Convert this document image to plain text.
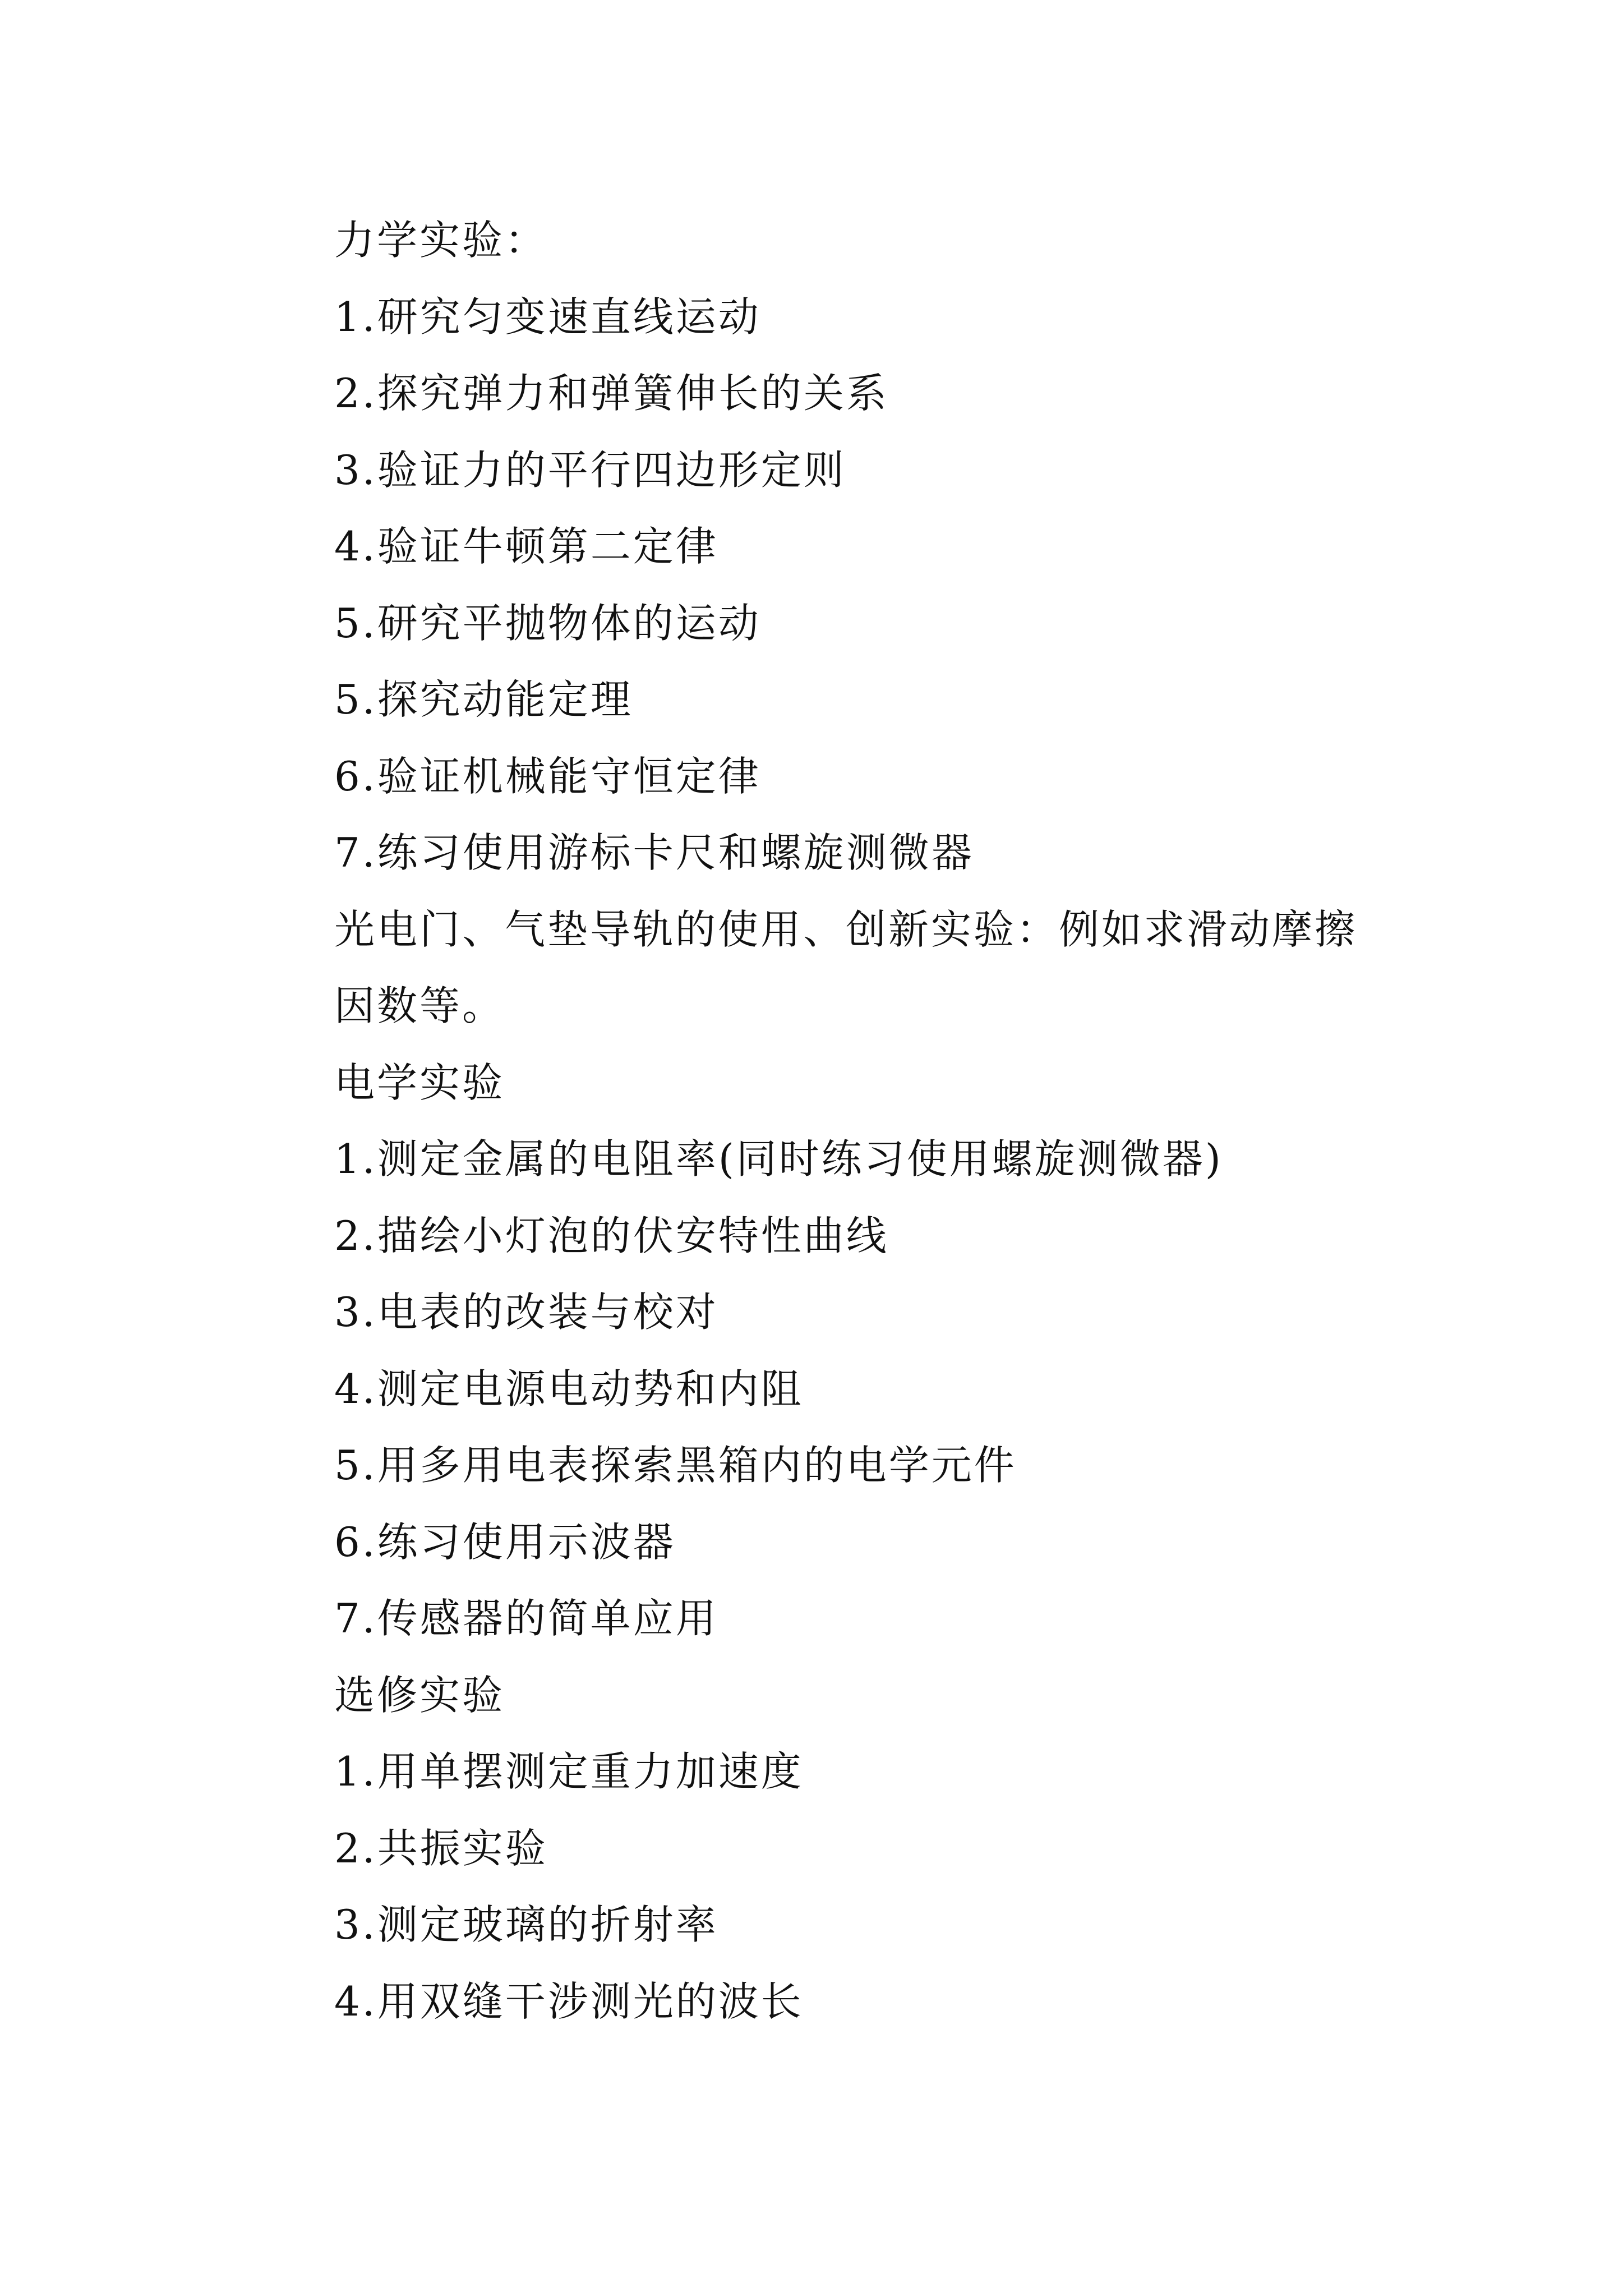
力学实验：
1.研究匀变速直线运动
2.探究弹力和弹簧伸长的关系
3.验证力的平行四边形定则
4.验证牛顿第二定律
5.研究平抛物体的运动
5.探究动能定理
6.验证机械能守恒定律
7.练习使用游标卡尺和螺旋测微器
光电门、气垫导轨的使用、创新实验：例如求滑动摩擦因数等。
电学实验
1.测定金属的电阻率(同时练习使用螺旋测微器)
2.描绘小灯泡的伏安特性曲线
3.电表的改装与校对
4.测定电源电动势和内阻
5.用多用电表探索黑箱内的电学元件
6.练习使用示波器
7.传感器的简单应用
选修实验
1.用单摆测定重力加速度
2.共振实验
3.测定玻璃的折射率
4.用双缝干涉测光的波长
